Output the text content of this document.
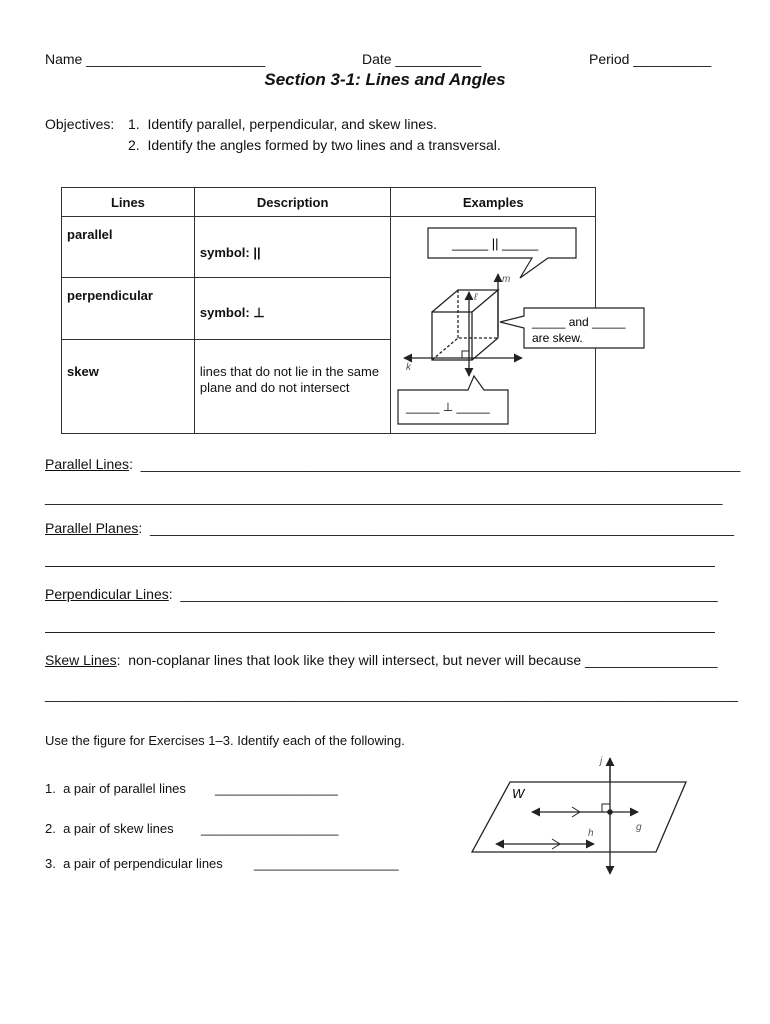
Name _______________________	Date ___________	Period __________
Section 3-1: Lines and Angles
Objectives: 1.  Identify parallel, perpendicular, and skew lines.
2.  Identify the angles formed by two lines and a transversal.
Lines	Description	Examples

parallel	symbol: ||	

perpendicular	symbol: ⊥	

skew	lines that do not lie in the same plane and do not intersect	
_____ || _____
m
ℓ
k
_____ and _____
are skew.
_____ ⊥ _____
Parallel Lines:  _____________________________________________________________________________
_______________________________________________________________________________________
Parallel Planes:  ___________________________________________________________________________
Perpendicular Lines:  _____________________________________________________________________
Skew Lines:  non-coplanar lines that look like they will intersect, but never will because _________________
_________________________________________________________________________________________
Use the figure for Exercises 1–3. Identify each of the following.
1.  a pair of parallel lines _________________
2.  a pair of skew lines ___________________
3.  a pair of perpendicular lines ____________________
W
j
g
h
